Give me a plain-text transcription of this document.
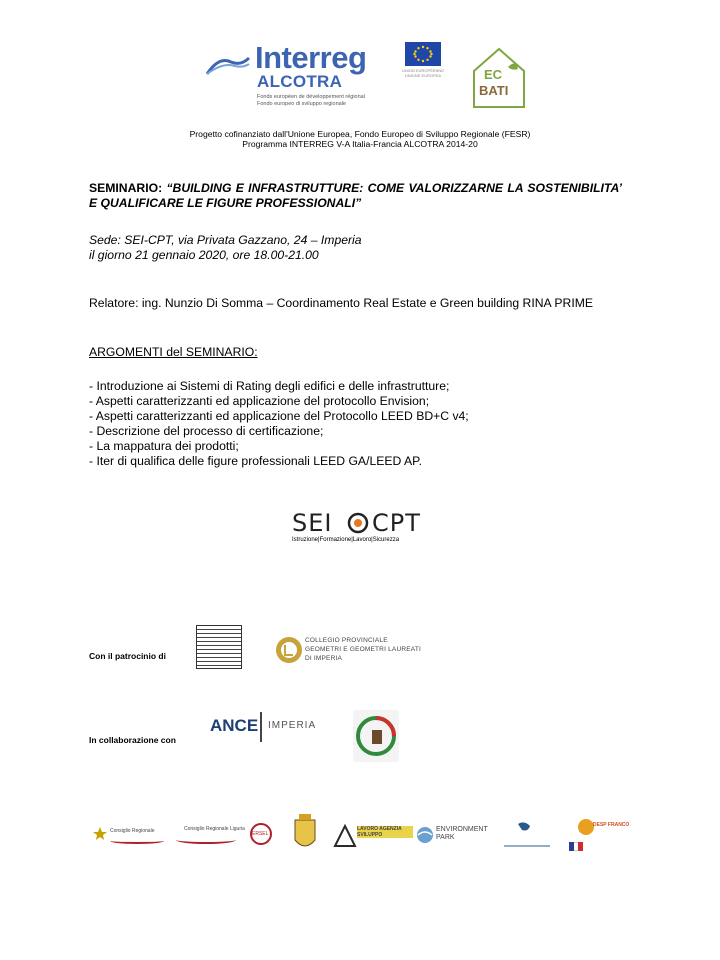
Interreg
ALCOTRA
Fonds européen de développement régional
Fondo europeo di sviluppo regionale
UNION EUROPÉENNE UNIONE EUROPEA	EC
BATI
Progetto cofinanziato dall'Unione Europea, Fondo Europeo di Sviluppo Regionale (FESR)
Programma INTERREG V-A Italia-Francia ALCOTRA 2014-20
SEMINARIO: “BUILDING E INFRASTRUTTURE: COME VALORIZZARNE LA SOSTENIBILITA’ E QUALIFICARE LE FIGURE PROFESSIONALI”
Sede: SEI-CPT, via Privata Gazzano, 24 – Imperia
il giorno 21 gennaio 2020, ore 18.00-21.00
Relatore: ing. Nunzio Di Somma – Coordinamento Real Estate e Green building RINA PRIME
ARGOMENTI del SEMINARIO:
- Introduzione ai Sistemi di Rating degli edifici e delle infrastrutture;
- Aspetti caratterizzanti ed applicazione del protocollo Envision;
- Aspetti caratterizzanti ed applicazione del Protocollo LEED BD+C v4;
- Descrizione del processo di certificazione;
- La mappatura dei prodotti;
- Iter di qualifica delle figure professionali LEED GA/LEED AP.
SEI CPT
Istruzione|Formazione|Lavoro|Sicurezza
Con il patrocinio di
COLLEGIO PROVINCIALE
GEOMETRI E GEOMETRI LAUREATI
DI IMPERIA
In collaborazione con
ANCE IMPERIA
Consiglio Regionale	Consiglio Regionale Liguria
ERSEL
LAVORO AGENZIA SVILUPPO
ENVIRONMENT PARK
DESP FRANCO
